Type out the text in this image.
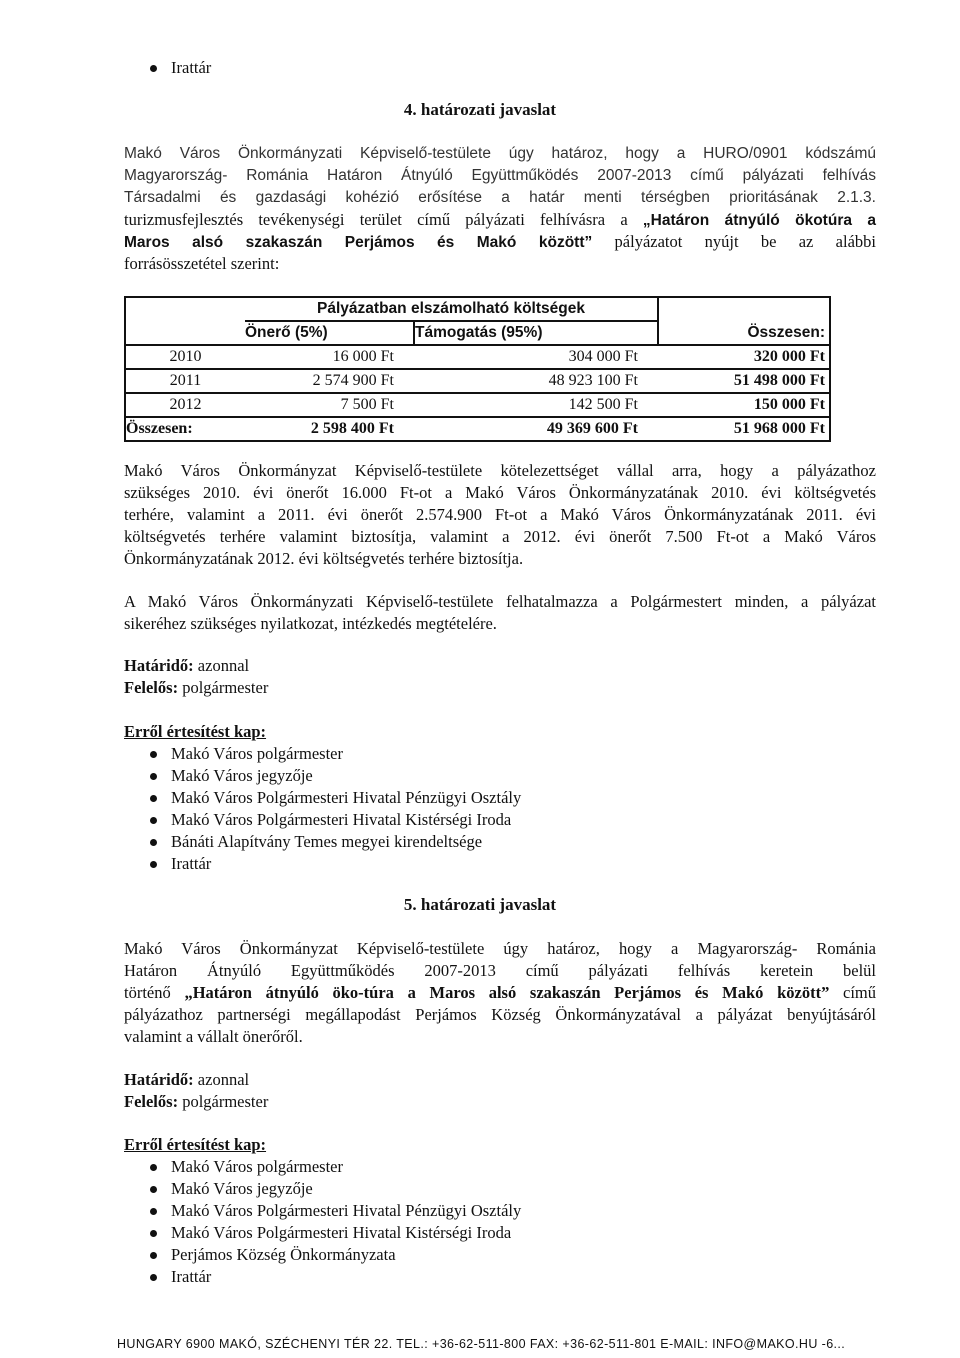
Irattár
4. határozati javaslat
Makó Város Önkormányzati Képviselő-testülete úgy határoz, hogy a HURO/0901 kódszámú
Magyarország- Románia Határon Átnyúló Együttműködés 2007-2013 című pályázati felhívás
Társadalmi és gazdasági kohézió erősítése a határ menti térségben prioritásának 2.1.3.
turizmusfejlesztés tevékenységi terület című pályázati felhívásra a „Határon átnyúló ökotúra a
Maros alsó szakaszán Perjámos és Makó között” pályázatot nyújt be az alábbi
forrásösszetétel szerint:
	Pályázatban elszámolható költségek		
	Önerő (5%)	Támogatás (95%)	Összesen:
2010	16 000 Ft	304 000 Ft	320 000 Ft
2011	2 574 900 Ft	48 923 100 Ft	51 498 000 Ft
2012	7 500 Ft	142 500 Ft	150 000 Ft
Összesen:	2 598 400 Ft	49 369 600 Ft	51 968 000 Ft
Makó Város Önkormányzat Képviselő-testülete kötelezettséget vállal arra, hogy a pályázathoz
szükséges 2010. évi önerőt 16.000 Ft-ot a Makó Város Önkormányzatának 2010. évi költségvetés
terhére, valamint a 2011. évi önerőt 2.574.900 Ft-ot a Makó Város Önkormányzatának 2011. évi
költségvetés terhére valamint biztosítja, valamint a 2012. évi önerőt 7.500 Ft-ot a Makó Város
Önkormányzatának 2012. évi költségvetés terhére biztosítja.
A Makó Város Önkormányzati Képviselő-testülete felhatalmazza a Polgármestert minden, a pályázat
sikeréhez szükséges nyilatkozat, intézkedés megtételére.
Határidő: azonnal
Felelős: polgármester
Erről értesítést kap:
Makó Város polgármester
Makó Város jegyzője
Makó Város Polgármesteri Hivatal Pénzügyi Osztály
Makó Város Polgármesteri Hivatal Kistérségi Iroda
Bánáti Alapítvány Temes megyei kirendeltsége
Irattár
5. határozati javaslat
Makó Város Önkormányzat Képviselő-testülete úgy határoz, hogy a Magyarország- Románia
Határon Átnyúló Együttműködés 2007-2013 című pályázati felhívás keretein belül
történő „Határon átnyúló öko-túra a Maros alsó szakaszán Perjámos és Makó között” című
pályázathoz partnerségi megállapodást Perjámos Község Önkormányzatával a pályázat benyújtásáról
valamint a vállalt önerőről.
Határidő: azonnal
Felelős: polgármester
Erről értesítést kap:
Makó Város polgármester
Makó Város jegyzője
Makó Város Polgármesteri Hivatal Pénzügyi Osztály
Makó Város Polgármesteri Hivatal Kistérségi Iroda
Perjámos Község Önkormányzata
Irattár
HUNGARY 6900 MAKÓ, SZÉCHENYI TÉR 22. TEL.: +36-62-511-800 FAX: +36-62-511-801 E-MAIL: INFO@MAKO.HU -6...
